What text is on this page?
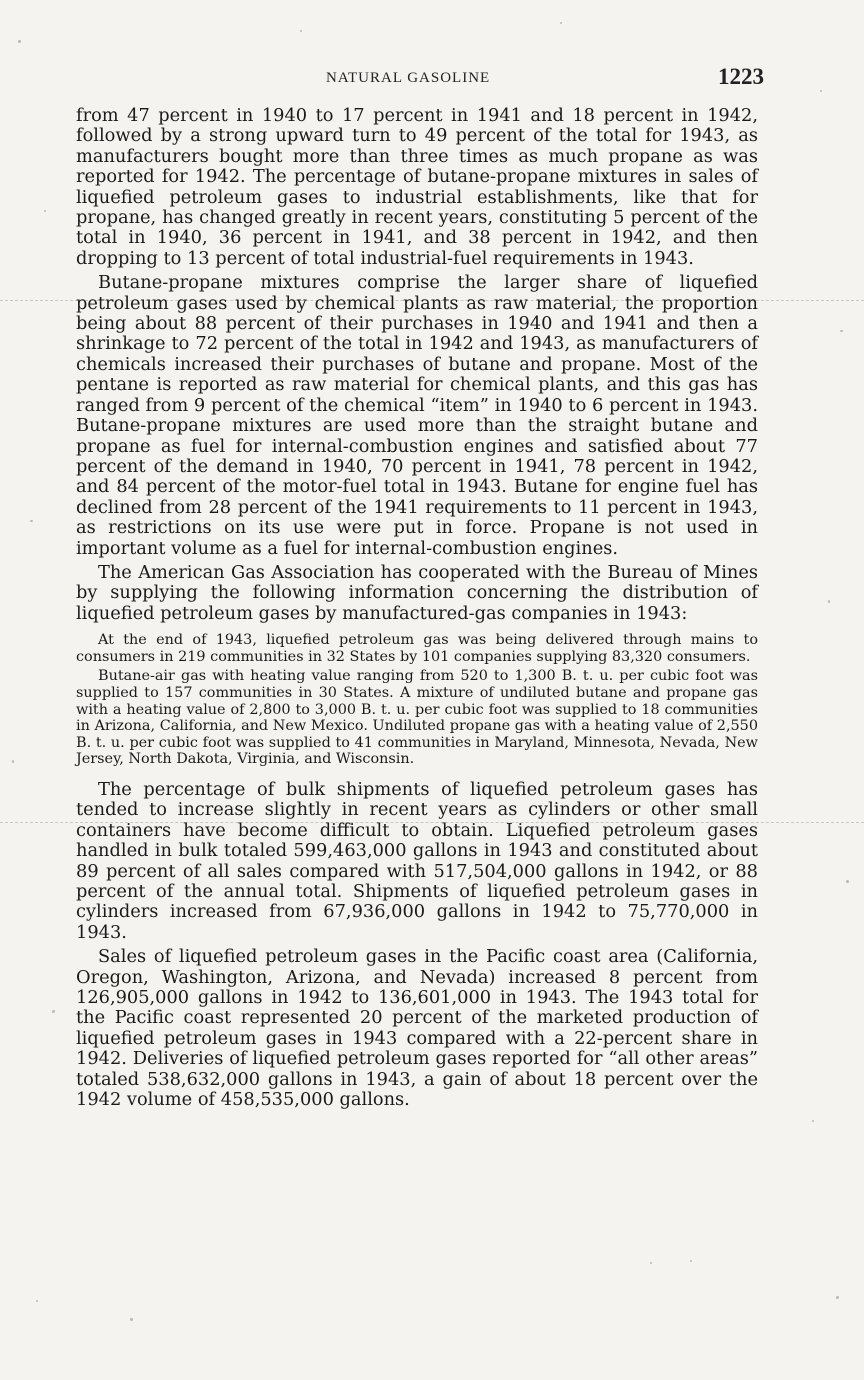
NATURAL GASOLINE	1223

from 47 percent in 1940 to 17 percent in 1941 and 18 percent in 1942, followed by a strong upward turn to 49 percent of the total for 1943, as manufacturers bought more than three times as much propane as was reported for 1942. The percentage of butane-propane mixtures in sales of liquefied petroleum gases to industrial establishments, like that for propane, has changed greatly in recent years, constituting 5 percent of the total in 1940, 36 percent in 1941, and 38 percent in 1942, and then dropping to 13 percent of total industrial-fuel requirements in 1943.

Butane-propane mixtures comprise the larger share of liquefied petroleum gases used by chemical plants as raw material, the proportion being about 88 percent of their purchases in 1940 and 1941 and then a shrinkage to 72 percent of the total in 1942 and 1943, as manufacturers of chemicals increased their purchases of butane and propane. Most of the pentane is reported as raw material for chemical plants, and this gas has ranged from 9 percent of the chemical “item” in 1940 to 6 percent in 1943. Butane-propane mixtures are used more than the straight butane and propane as fuel for internal-combustion engines and satisfied about 77 percent of the demand in 1940, 70 percent in 1941, 78 percent in 1942, and 84 percent of the motor-fuel total in 1943. Butane for engine fuel has declined from 28 percent of the 1941 requirements to 11 percent in 1943, as restrictions on its use were put in force. Propane is not used in important volume as a fuel for internal-combustion engines.

The American Gas Association has cooperated with the Bureau of Mines by supplying the following information concerning the distribution of liquefied petroleum gases by manufactured-gas companies in 1943:

At the end of 1943, liquefied petroleum gas was being delivered through mains to consumers in 219 communities in 32 States by 101 companies supplying 83,320 consumers.

Butane-air gas with heating value ranging from 520 to 1,300 B. t. u. per cubic foot was supplied to 157 communities in 30 States. A mixture of undiluted butane and propane gas with a heating value of 2,800 to 3,000 B. t. u. per cubic foot was supplied to 18 communities in Arizona, California, and New Mexico. Undiluted propane gas with a heating value of 2,550 B. t. u. per cubic foot was supplied to 41 communities in Maryland, Minnesota, Nevada, New Jersey, North Dakota, Virginia, and Wisconsin.

The percentage of bulk shipments of liquefied petroleum gases has tended to increase slightly in recent years as cylinders or other small containers have become difficult to obtain. Liquefied petroleum gases handled in bulk totaled 599,463,000 gallons in 1943 and constituted about 89 percent of all sales compared with 517,504,000 gallons in 1942, or 88 percent of the annual total. Shipments of liquefied petroleum gases in cylinders increased from 67,936,000 gallons in 1942 to 75,770,000 in 1943.

Sales of liquefied petroleum gases in the Pacific coast area (California, Oregon, Washington, Arizona, and Nevada) increased 8 percent from 126,905,000 gallons in 1942 to 136,601,000 in 1943. The 1943 total for the Pacific coast represented 20 percent of the marketed production of liquefied petroleum gases in 1943 compared with a 22-percent share in 1942. Deliveries of liquefied petroleum gases reported for “all other areas” totaled 538,632,000 gallons in 1943, a gain of about 18 percent over the 1942 volume of 458,535,000 gallons.
